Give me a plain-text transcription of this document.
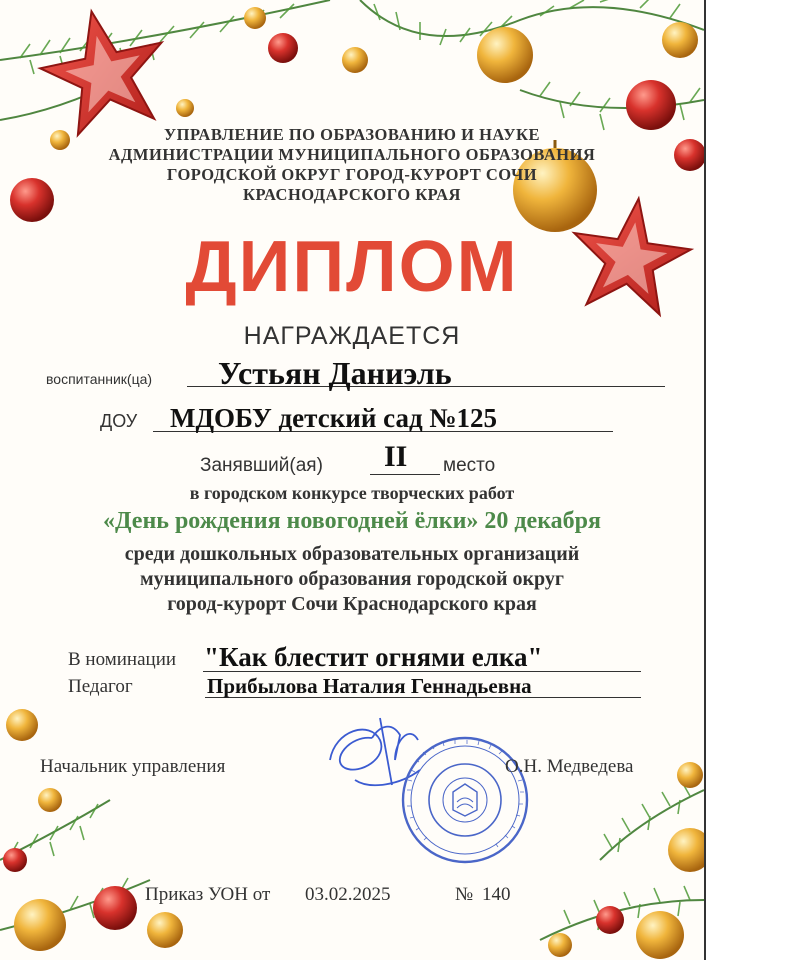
УПРАВЛЕНИЕ ПО ОБРАЗОВАНИЮ И НАУКЕ
АДМИНИСТРАЦИИ МУНИЦИПАЛЬНОГО ОБРАЗОВАНИЯ
ГОРОДСКОЙ ОКРУГ ГОРОД-КУРОРТ СОЧИ
КРАСНОДАРСКОГО КРАЯ
ДИПЛОМ
НАГРАЖДАЕТСЯ
воспитанник(ца) Устьян Даниэль
ДОУ МДОБУ детский сад №125
Занявший(ая) II место
в городском конкурсе творческих работ
«День рождения новогодней ёлки» 20 декабря
среди дошкольных образовательных организаций
муниципального образования городской округ
город-курорт Сочи Краснодарского края
В номинации "Как блестит огнями елка"
Педагог	Прибылова Наталия Геннадьевна
Начальник управления	О.Н. Медведева
Приказ УОН от 03.02.2025	№ 140
